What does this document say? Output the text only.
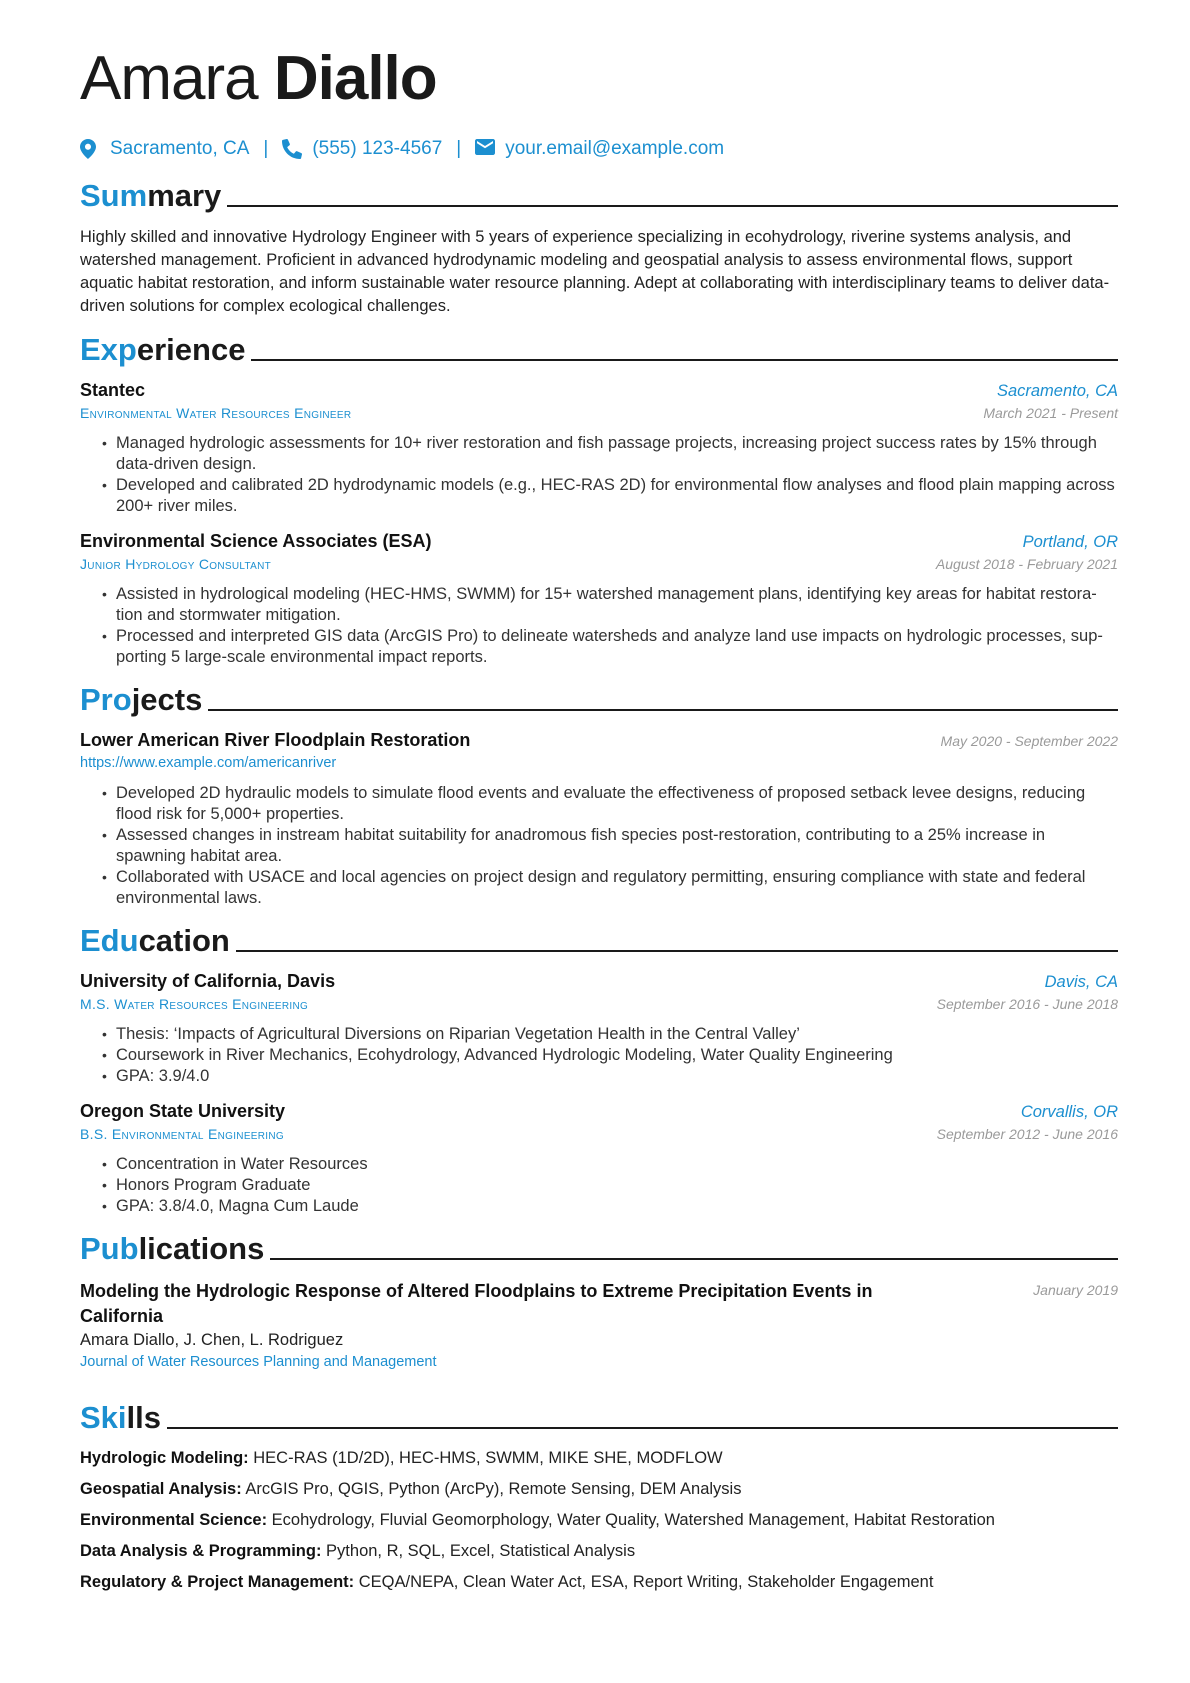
Amara Diallo
Sacramento, CA | (555) 123-4567 | your.email@example.com
Summary

Highly skilled and innovative Hydrology Engineer with 5 years of experience specializing in ecohydrology, riverine systems analysis, and watershed management. Proficient in advanced hydrodynamic modeling and geospatial analysis to assess environmental flows, support aquatic habitat restoration, and inform sustainable water resource planning. Adept at collaborating with interdisciplinary teams to deliver data-driven solutions for complex ecological challenges.

Experience
Stantec	Sacramento, CA
Environmental Water Resources Engineer	March 2021 - Present
• Managed hydrologic assessments for 10+ river restoration and fish passage projects, increasing project success rates by 15% through data-driven design.
• Developed and calibrated 2D hydrodynamic models (e.g., HEC-RAS 2D) for environmental flow analyses and flood plain mapping across 200+ river miles.
Environmental Science Associates (ESA)	Portland, OR
Junior Hydrology Consultant	August 2018 - February 2021
• Assisted in hydrological modeling (HEC-HMS, SWMM) for 15+ watershed management plans, identifying key areas for habitat restora-tion and stormwater mitigation.
• Processed and interpreted GIS data (ArcGIS Pro) to delineate watersheds and analyze land use impacts on hydrologic processes, sup-porting 5 large-scale environmental impact reports.
Projects
Lower American River Floodplain Restoration	May 2020 - September 2022
https://www.example.com/americanriver
• Developed 2D hydraulic models to simulate flood events and evaluate the effectiveness of proposed setback levee designs, reducing flood risk for 5,000+ properties.
• Assessed changes in instream habitat suitability for anadromous fish species post-restoration, contributing to a 25% increase in spawning habitat area.
• Collaborated with USACE and local agencies on project design and regulatory permitting, ensuring compliance with state and federal environmental laws.
Education
University of California, Davis	Davis, CA
M.S. Water Resources Engineering	September 2016 - June 2018
• Thesis: ‘Impacts of Agricultural Diversions on Riparian Vegetation Health in the Central Valley’
• Coursework in River Mechanics, Ecohydrology, Advanced Hydrologic Modeling, Water Quality Engineering
• GPA: 3.9/4.0
Oregon State University	Corvallis, OR
B.S. Environmental Engineering	September 2012 - June 2016
• Concentration in Water Resources
• Honors Program Graduate
• GPA: 3.8/4.0, Magna Cum Laude
Publications
Modeling the Hydrologic Response of Altered Floodplains to Extreme Precipitation Events in California
January 2019
Amara Diallo, J. Chen, L. Rodriguez
Journal of Water Resources Planning and Management
Skills
Hydrologic Modeling: HEC-RAS (1D/2D), HEC-HMS, SWMM, MIKE SHE, MODFLOW
Geospatial Analysis: ArcGIS Pro, QGIS, Python (ArcPy), Remote Sensing, DEM Analysis
Environmental Science: Ecohydrology, Fluvial Geomorphology, Water Quality, Watershed Management, Habitat Restoration
Data Analysis & Programming: Python, R, SQL, Excel, Statistical Analysis
Regulatory & Project Management: CEQA/NEPA, Clean Water Act, ESA, Report Writing, Stakeholder Engagement
